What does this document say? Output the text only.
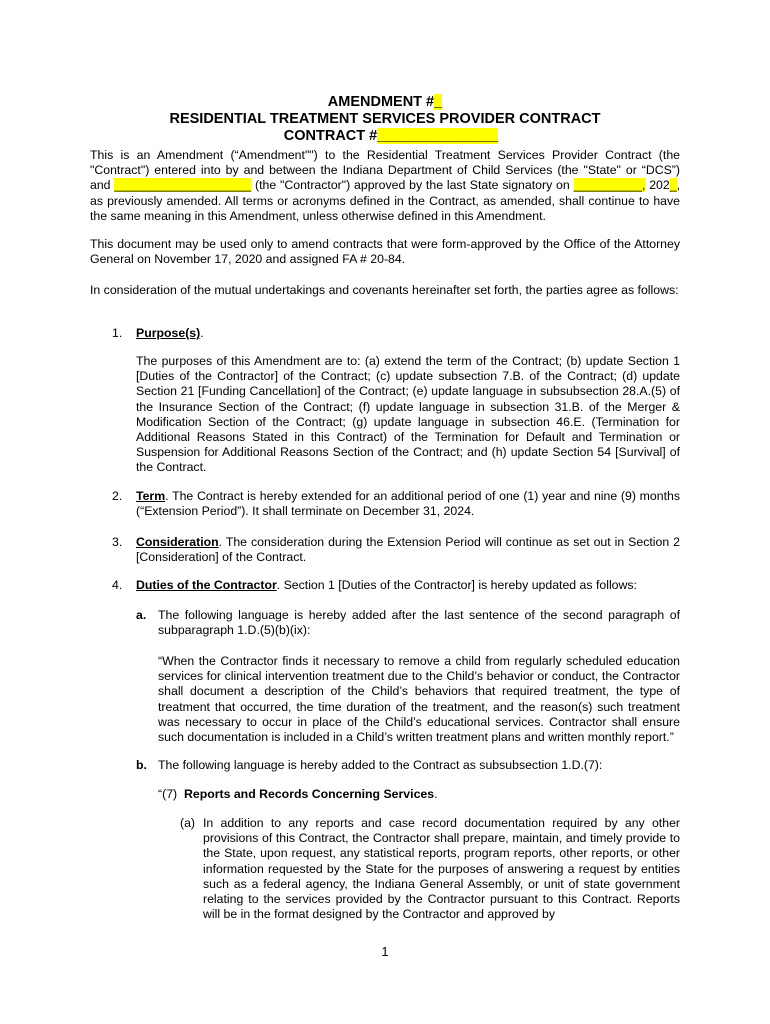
AMENDMENT #_
RESIDENTIAL TREATMENT SERVICES PROVIDER CONTRACT
CONTRACT #_______________
This is an Amendment (“Amendment"") to the Residential Treatment Services Provider Contract (the "Contract") entered into by and between the Indiana Department of Child Services (the "State" or “DCS”) and ____________________ (the "Contractor") approved by the last State signatory on __________, 202_, as previously amended. All terms or acronyms defined in the Contract, as amended, shall continue to have the same meaning in this Amendment, unless otherwise defined in this Amendment.
This document may be used only to amend contracts that were form-approved by the Office of the Attorney General on November 17, 2020 and assigned FA # 20-84.
In consideration of the mutual undertakings and covenants hereinafter set forth, the parties agree as follows:
1. Purpose(s).
The purposes of this Amendment are to: (a) extend the term of the Contract; (b) update Section 1 [Duties of the Contractor] of the Contract; (c) update subsection 7.B. of the Contract; (d) update Section 21 [Funding Cancellation] of the Contract; (e) update language in subsubsection 28.A.(5) of the Insurance Section of the Contract; (f) update language in subsection 31.B. of the Merger & Modification Section of the Contract; (g) update language in subsection 46.E. (Termination for Additional Reasons Stated in this Contract) of the Termination for Default and Termination or Suspension for Additional Reasons Section of the Contract; and (h) update Section 54 [Survival] of the Contract.
2. Term. The Contract is hereby extended for an additional period of one (1) year and nine (9) months (“Extension Period”). It shall terminate on December 31, 2024.
3. Consideration. The consideration during the Extension Period will continue as set out in Section 2 [Consideration] of the Contract.
4. Duties of the Contractor. Section 1 [Duties of the Contractor] is hereby updated as follows:
a. The following language is hereby added after the last sentence of the second paragraph of subparagraph 1.D.(5)(b)(ix):
“When the Contractor finds it necessary to remove a child from regularly scheduled education services for clinical intervention treatment due to the Child’s behavior or conduct, the Contractor shall document a description of the Child’s behaviors that required treatment, the type of treatment that occurred, the time duration of the treatment, and the reason(s) such treatment was necessary to occur in place of the Child’s educational services. Contractor shall ensure such documentation is included in a Child’s written treatment plans and written monthly report.”
b. The following language is hereby added to the Contract as subsubsection 1.D.(7):
“(7) Reports and Records Concerning Services.
(a) In addition to any reports and case record documentation required by any other provisions of this Contract, the Contractor shall prepare, maintain, and timely provide to the State, upon request, any statistical reports, program reports, other reports, or other information requested by the State for the purposes of answering a request by entities such as a federal agency, the Indiana General Assembly, or unit of state government relating to the services provided by the Contractor pursuant to this Contract. Reports will be in the format designed by the Contractor and approved by
1
